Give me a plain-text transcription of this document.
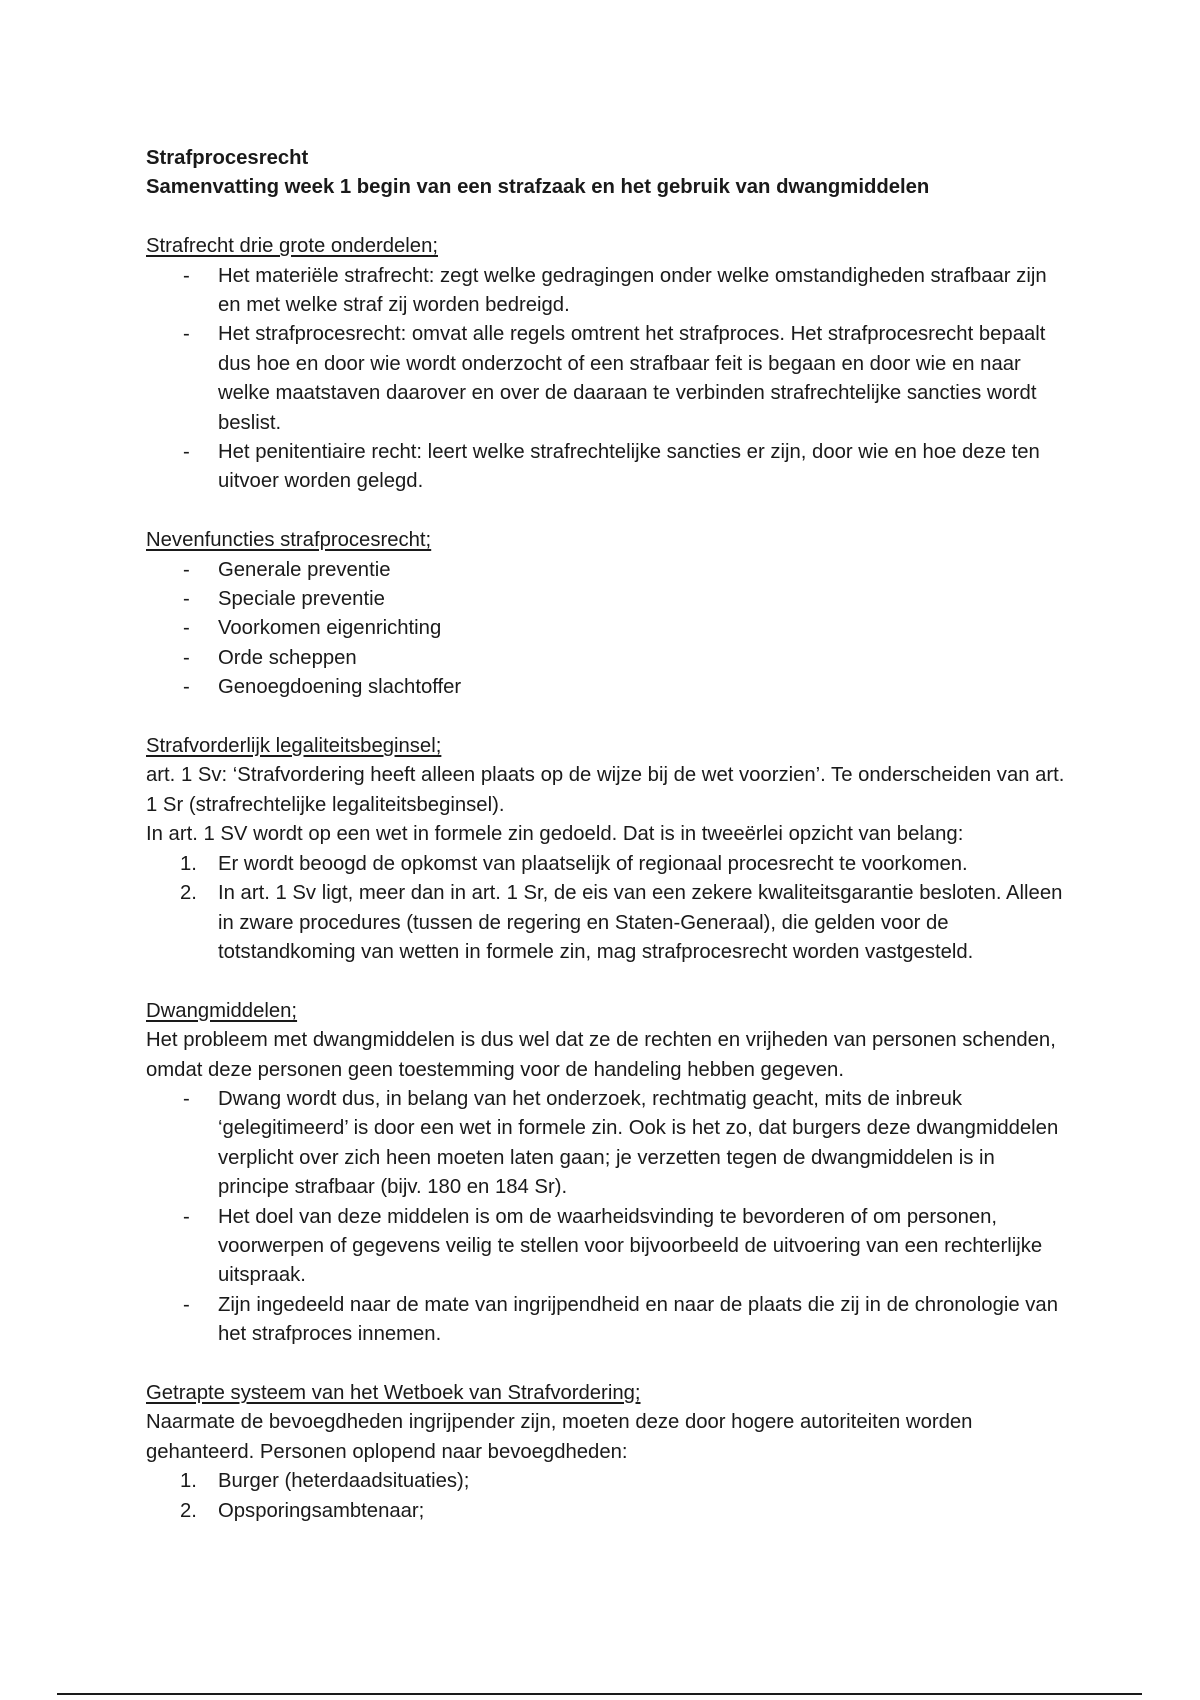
Strafprocesrecht

Samenvatting week 1 begin van een strafzaak en het gebruik van dwangmiddelen

Strafrecht drie grote onderdelen;

- Het materiële strafrecht: zegt welke gedragingen onder welke omstandigheden strafbaar zijn en met welke straf zij worden bedreigd.
- Het strafprocesrecht: omvat alle regels omtrent het strafproces. Het strafprocesrecht bepaalt dus hoe en door wie wordt onderzocht of een strafbaar feit is begaan en door wie en naar welke maatstaven daarover en over de daaraan te verbinden strafrechtelijke sancties wordt beslist.
- Het penitentiaire recht: leert welke strafrechtelijke sancties er zijn, door wie en hoe deze ten uitvoer worden gelegd.

Nevenfuncties strafprocesrecht;

- Generale preventie
- Speciale preventie
- Voorkomen eigenrichting
- Orde scheppen
- Genoegdoening slachtoffer

Strafvorderlijk legaliteitsbeginsel;

art. 1 Sv: ‘Strafvordering heeft alleen plaats op de wijze bij de wet voorzien’. Te onderscheiden van art. 1 Sr (strafrechtelijke legaliteitsbeginsel).

In art. 1 SV wordt op een wet in formele zin gedoeld. Dat is in tweeërlei opzicht van belang:

1. Er wordt beoogd de opkomst van plaatselijk of regionaal procesrecht te voorkomen.
2. In art. 1 Sv ligt, meer dan in art. 1 Sr, de eis van een zekere kwaliteitsgarantie besloten. Alleen in zware procedures (tussen de regering en Staten-Generaal), die gelden voor de totstandkoming van wetten in formele zin, mag strafprocesrecht worden vastgesteld.

Dwangmiddelen;

Het probleem met dwangmiddelen is dus wel dat ze de rechten en vrijheden van personen schenden, omdat deze personen geen toestemming voor de handeling hebben gegeven.

- Dwang wordt dus, in belang van het onderzoek, rechtmatig geacht, mits de inbreuk ‘gelegitimeerd’ is door een wet in formele zin. Ook is het zo, dat burgers deze dwangmiddelen verplicht over zich heen moeten laten gaan; je verzetten tegen de dwangmiddelen is in principe strafbaar (bijv. 180 en 184 Sr).
- Het doel van deze middelen is om de waarheidsvinding te bevorderen of om personen, voorwerpen of gegevens veilig te stellen voor bijvoorbeeld de uitvoering van een rechterlijke uitspraak.
- Zijn ingedeeld naar de mate van ingrijpendheid en naar de plaats die zij in de chronologie van het strafproces innemen.

Getrapte systeem van het Wetboek van Strafvordering;

Naarmate de bevoegdheden ingrijpender zijn, moeten deze door hogere autoriteiten worden gehanteerd. Personen oplopend naar bevoegdheden:

1. Burger (heterdaadsituaties);
2. Opsporingsambtenaar;
